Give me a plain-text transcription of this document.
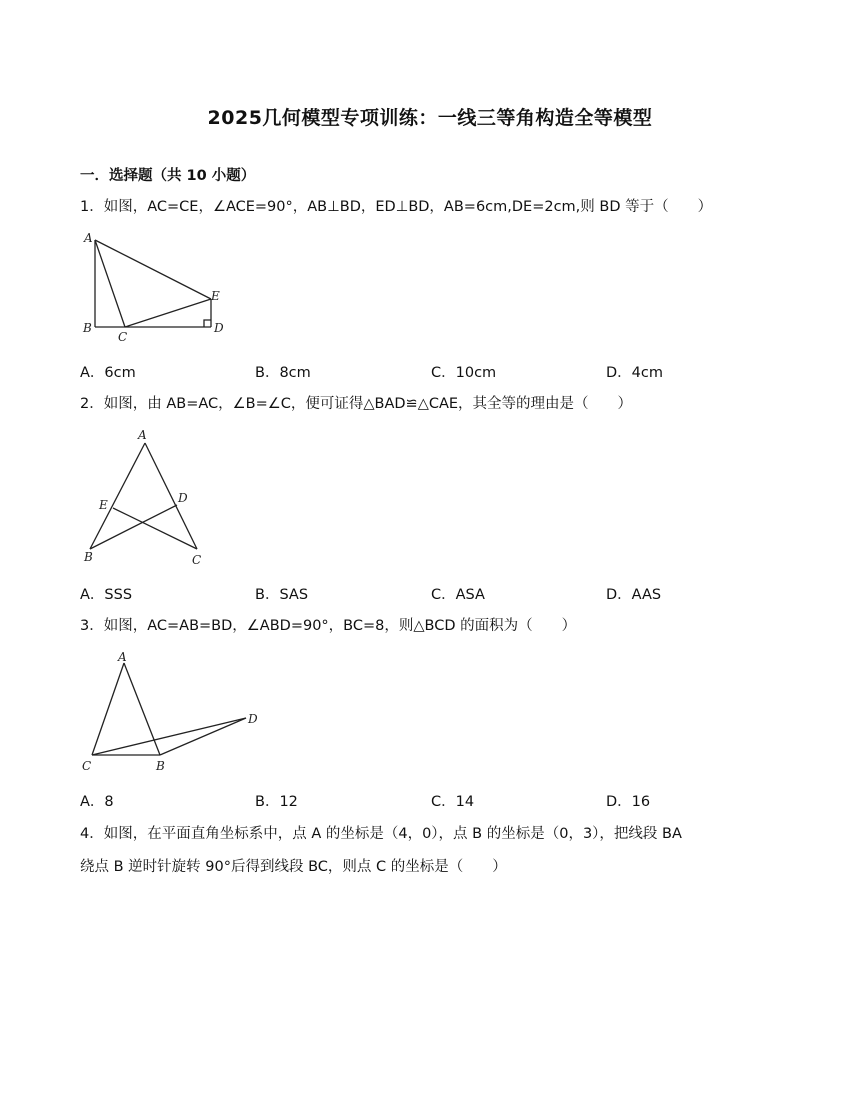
2025几何模型专项训练：一线三等角构造全等模型
一．选择题（共 10 小题）
1．如图，AC=CE，∠ACE=90°，AB⊥BD，ED⊥BD，AB=6cm,DE=2cm,则 BD 等于（　　）
A
B
C
D
E
A．6cm	B．8cm	C．10cm	D．4cm
2．如图，由 AB=AC，∠B=∠C，便可证得△BAD≌△CAE，其全等的理由是（　　）
A
B	C
D
E
A．SSS	B．SAS	C．ASA	D．AAS
3．如图，AC=AB=BD，∠ABD=90°，BC=8，则△BCD 的面积为（　　）
A
B
C
D
A．8	B．12	C．14	D．16
4．如图，在平面直角坐标系中，点 A 的坐标是（4，0），点 B 的坐标是（0，3），把线段 BA
绕点 B 逆时针旋转 90°后得到线段 BC，则点 C 的坐标是（　　）
